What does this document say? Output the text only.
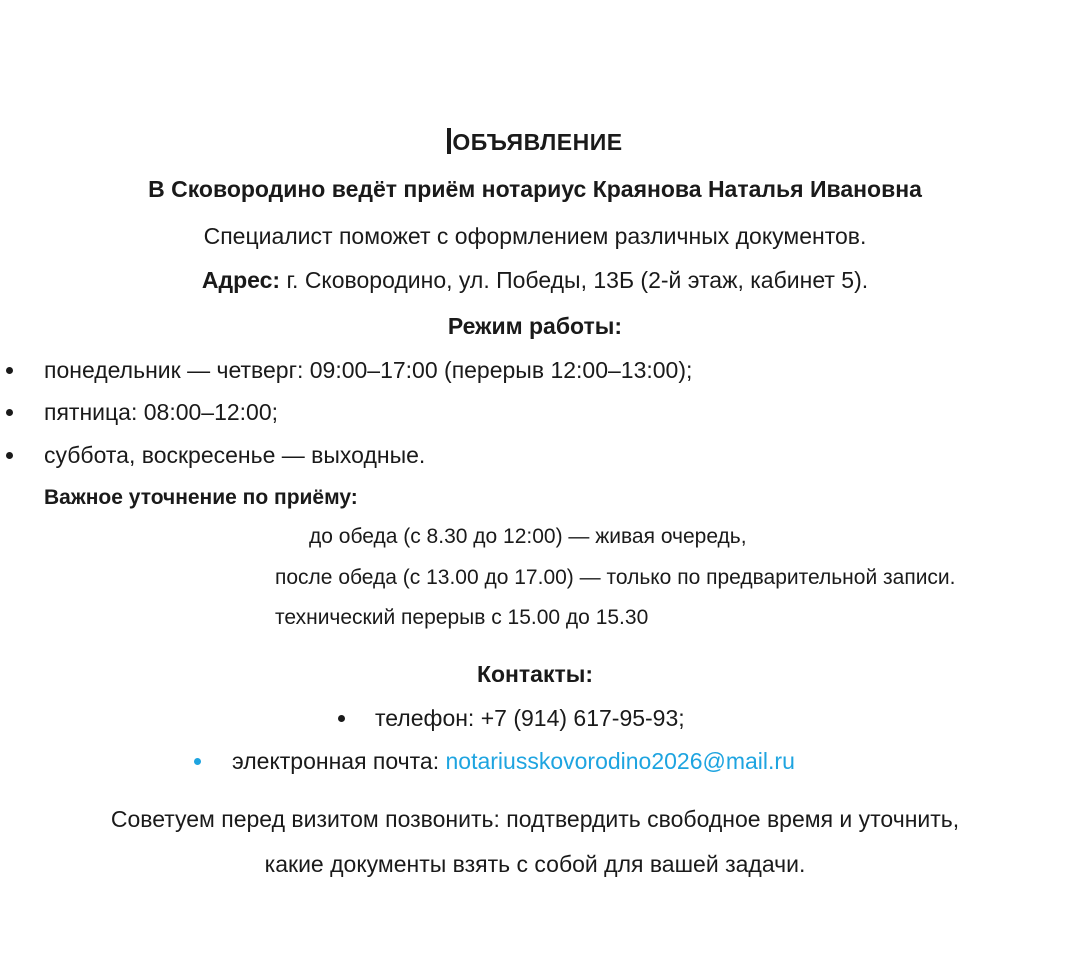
ОБЪЯВЛЕНИЕ
В Сковородино ведёт приём нотариус Краянова Наталья Ивановна
Специалист поможет с оформлением различных документов.
Адрес: г. Сковородино, ул. Победы, 13Б (2-й этаж, кабинет 5).
Режим работы:
понедельник — четверг: 09:00–17:00 (перерыв 12:00–13:00);
пятница: 08:00–12:00;
суббота, воскресенье — выходные.
Важное уточнение по приёму:
до обеда (с 8.30 до 12:00) — живая очередь,
после обеда (с 13.00 до 17.00) — только по предварительной записи.
технический перерыв с 15.00 до 15.30
Контакты:
телефон: +7 (914) 617-95-93;
электронная почта: notariusskovorodino2026@mail.ru
Советуем перед визитом позвонить: подтвердить свободное время и уточнить,
какие документы взять с собой для вашей задачи.
